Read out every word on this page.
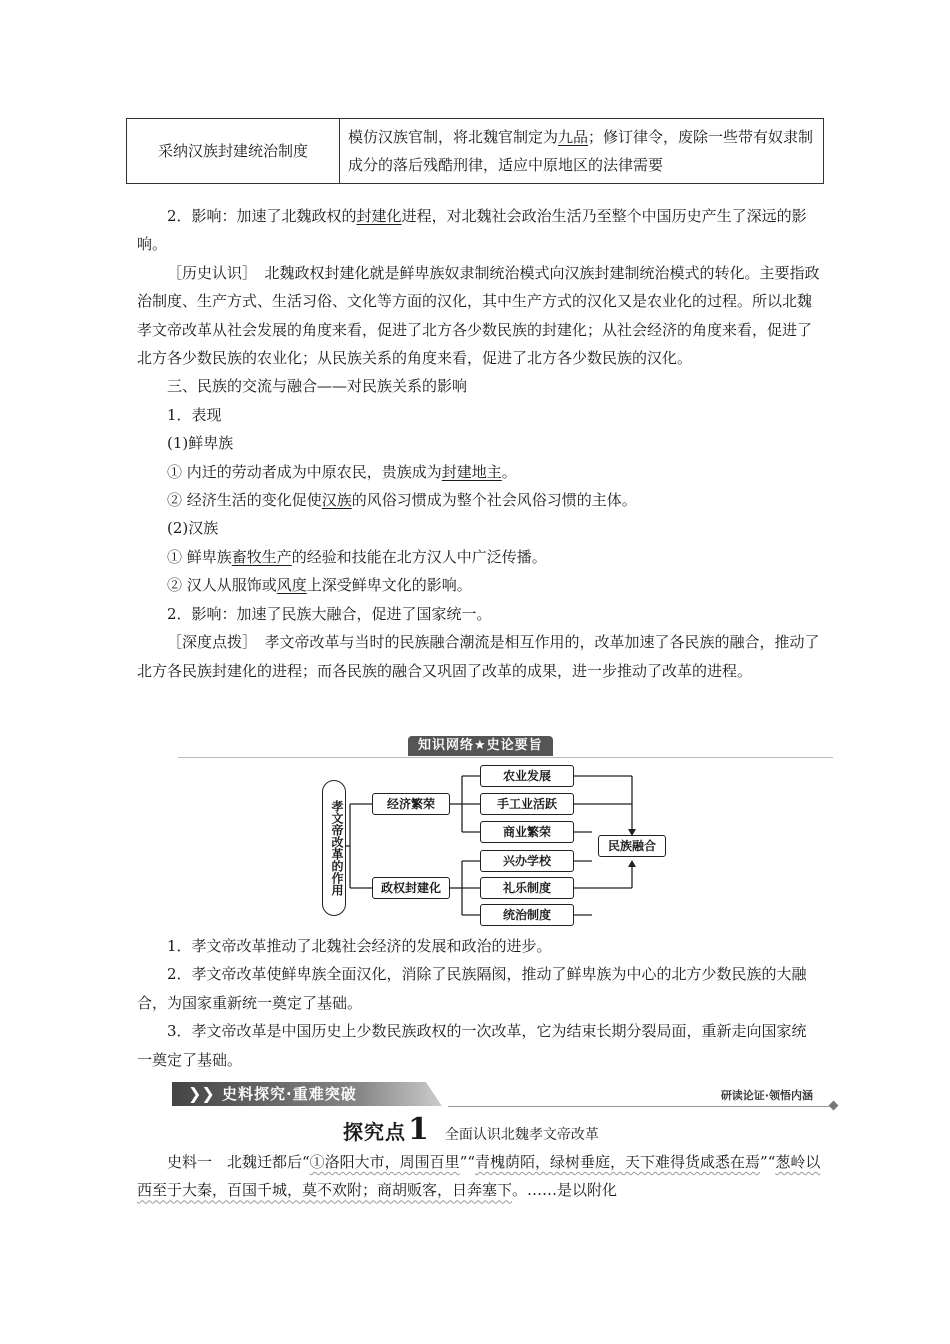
采纳汉族封建统治制度	模仿汉族官制，将北魏官制定为九品；修订律令，废除一些带有奴隶制成分的落后残酷刑律，适应中原地区的法律需要

2．影响：加速了北魏政权的封建化进程，对北魏社会政治生活乃至整个中国历史产生了深远的影响。

［历史认识］　北魏政权封建化就是鲜卑族奴隶制统治模式向汉族封建制统治模式的转化。主要指政治制度、生产方式、生活习俗、文化等方面的汉化，其中生产方式的汉化又是农业化的过程。所以北魏孝文帝改革从社会发展的角度来看，促进了北方各少数民族的封建化；从社会经济的角度来看，促进了北方各少数民族的农业化；从民族关系的角度来看，促进了北方各少数民族的汉化。

三、民族的交流与融合——对民族关系的影响

1．表现

(1)鲜卑族

① 内迁的劳动者成为中原农民，贵族成为封建地主。

② 经济生活的变化促使汉族的风俗习惯成为整个社会风俗习惯的主体。

(2)汉族

① 鲜卑族畜牧生产的经验和技能在北方汉人中广泛传播。

② 汉人从服饰或风度上深受鲜卑文化的影响。

2．影响：加速了民族大融合，促进了国家统一。

［深度点拨］　孝文帝改革与当时的民族融合潮流是相互作用的，改革加速了各民族的融合，推动了北方各民族封建化的进程；而各民族的融合又巩固了改革的成果，进一步推动了改革的进程。

知识网络★史论要旨
孝文帝改革的作用	经济繁荣
政权封建化
农业发展
手工业活跃
商业繁荣
兴办学校
礼乐制度
统治制度
民族融合

1．孝文帝改革推动了北魏社会经济的发展和政治的进步。

2．孝文帝改革使鲜卑族全面汉化，消除了民族隔阂，推动了鲜卑族为中心的北方少数民族的大融合，为国家重新统一奠定了基础。

3．孝文帝改革是中国历史上少数民族政权的一次改革，它为结束长期分裂局面，重新走向国家统一奠定了基础。

❯❯ 史料探究·重难突破	研读论证·领悟内涵
探究点1 全面认识北魏孝文帝改革

史料一　北魏迁都后“①洛阳大市，周围百里”“青槐荫陌，绿树垂庭，天下难得货咸悉在焉”“葱岭以西至于大秦，百国千城，莫不欢附；商胡贩客，日奔塞下。……是以附化
